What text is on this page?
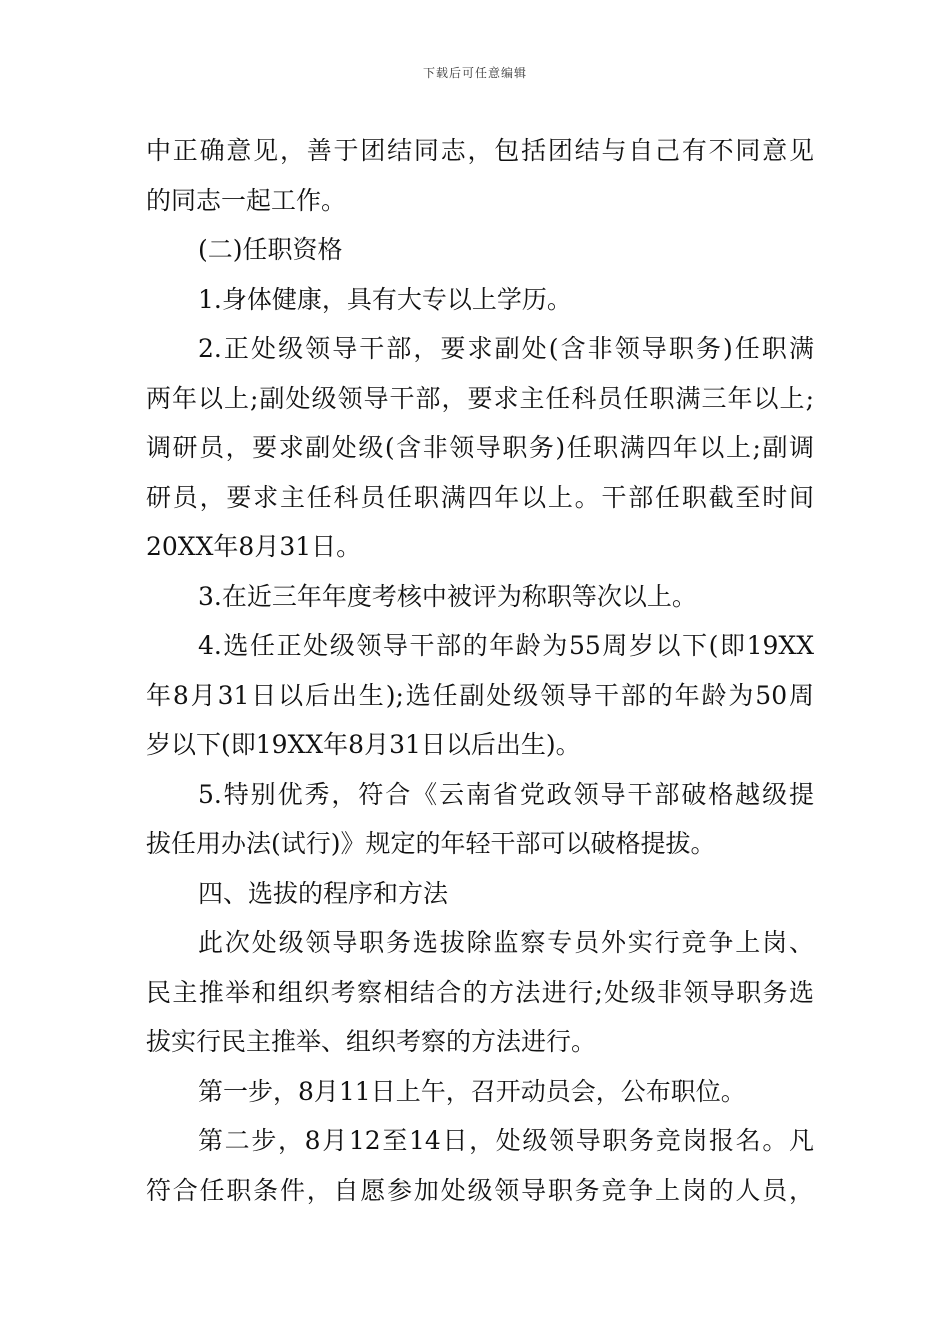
下载后可任意编辑
中正确意见，善于团结同志，包括团结与自己有不同意见
的同志一起工作。
(二)任职资格
1.身体健康，具有大专以上学历。
2.正处级领导干部，要求副处(含非领导职务)任职满
两年以上;副处级领导干部，要求主任科员任职满三年以上;
调研员，要求副处级(含非领导职务)任职满四年以上;副调
研员，要求主任科员任职满四年以上。干部任职截至时间
20XX年8月31日。
3.在近三年年度考核中被评为称职等次以上。
4.选任正处级领导干部的年龄为55周岁以下(即19XX
年8月31日以后出生);选任副处级领导干部的年龄为50周
岁以下(即19XX年8月31日以后出生)。
5.特别优秀，符合《云南省党政领导干部破格越级提
拔任用办法(试行)》规定的年轻干部可以破格提拔。
四、选拔的程序和方法
此次处级领导职务选拔除监察专员外实行竞争上岗、
民主推举和组织考察相结合的方法进行;处级非领导职务选
拔实行民主推举、组织考察的方法进行。
第一步，8月11日上午，召开动员会，公布职位。
第二步，8月12至14日，处级领导职务竞岗报名。凡
符合任职条件，自愿参加处级领导职务竞争上岗的人员，
